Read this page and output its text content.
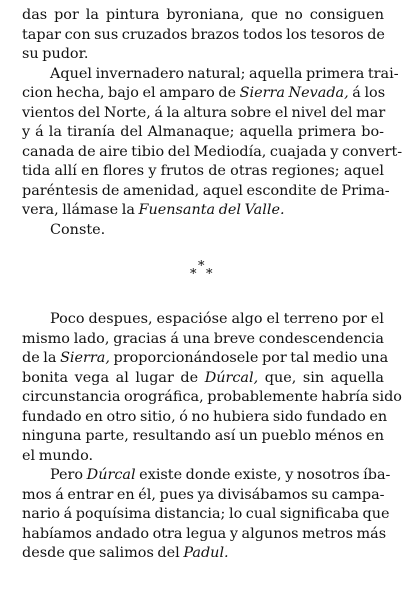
das por la pintura byroniana, que no consiguen
tapar con sus cruzados brazos todos los tesoros de
su pudor.
Aquel invernadero natural; aquella primera trai-
cion hecha, bajo el amparo de Sierra Nevada, á los
vientos del Norte, á la altura sobre el nivel del mar
y á la tiranía del Almanaque; aquella primera bo-
canada de aire tibio del Mediodía, cuajada y convert-
tida allí en flores y frutos de otras regiones; aquel
paréntesis de amenidad, aquel escondite de Prima-
vera, llámase la Fuensanta del Valle.
Conste.
*
*
*
Poco despues, espacióse algo el terreno por el
mismo lado, gracias á una breve condescendencia
de la Sierra, proporcionándosele por tal medio una
bonita vega al lugar de Dúrcal, que, sin aquella
circunstancia orográfica, probablemente habría sido
fundado en otro sitio, ó no hubiera sido fundado en
ninguna parte, resultando así un pueblo ménos en
el mundo.
Pero Dúrcal existe donde existe, y nosotros íba-
mos á entrar en él, pues ya divisábamos su campa-
nario á poquísima distancia; lo cual significaba que
habíamos andado otra legua y algunos metros más
desde que salimos del Padul.
